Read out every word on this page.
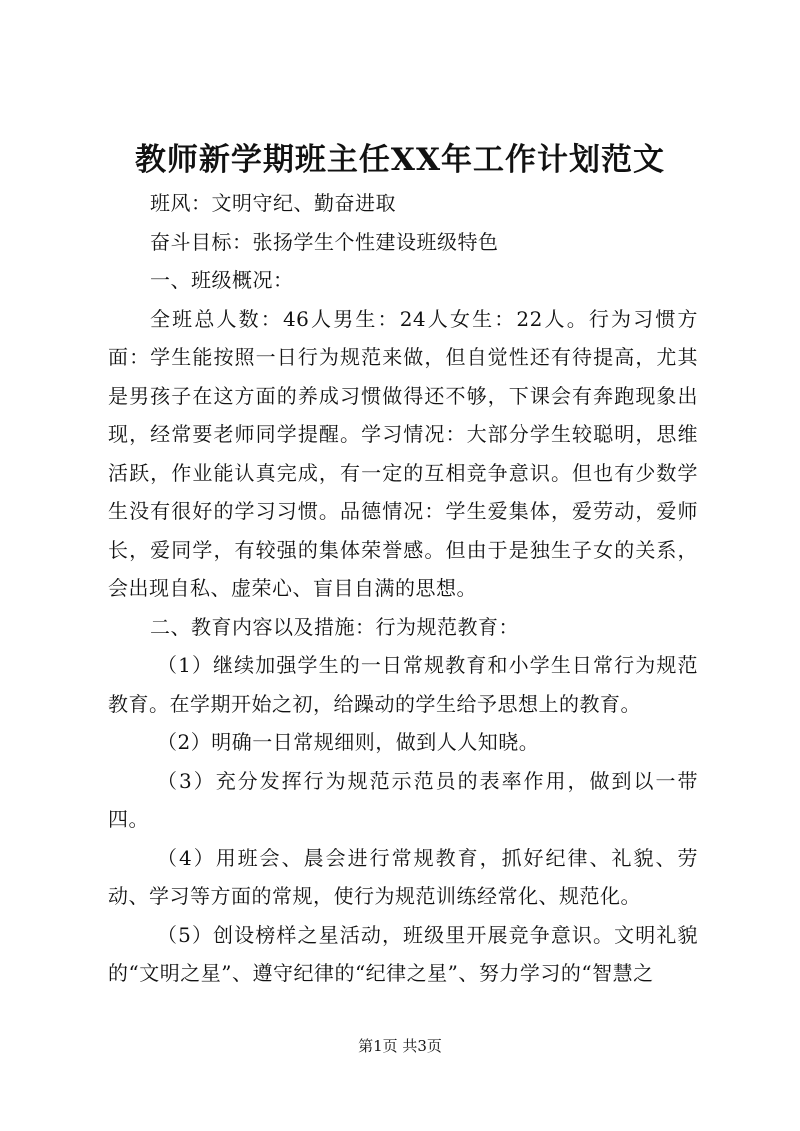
教师新学期班主任XX年工作计划范文

班风：文明守纪、勤奋进取

奋斗目标：张扬学生个性建设班级特色

一、班级概况：

全班总人数：46人男生：24人女生：22人。行为习惯方面：学生能按照一日行为规范来做，但自觉性还有待提高，尤其是男孩子在这方面的养成习惯做得还不够，下课会有奔跑现象出现，经常要老师同学提醒。学习情况：大部分学生较聪明，思维活跃，作业能认真完成，有一定的互相竞争意识。但也有少数学生没有很好的学习习惯。品德情况：学生爱集体，爱劳动，爱师长，爱同学，有较强的集体荣誉感。但由于是独生子女的关系，会出现自私、虚荣心、盲目自满的思想。

二、教育内容以及措施：行为规范教育：

（1）继续加强学生的一日常规教育和小学生日常行为规范教育。在学期开始之初，给躁动的学生给予思想上的教育。

（2）明确一日常规细则，做到人人知晓。

（3）充分发挥行为规范示范员的表率作用，做到以一带四。

（4）用班会、晨会进行常规教育，抓好纪律、礼貌、劳动、学习等方面的常规，使行为规范训练经常化、规范化。

（5）创设榜样之星活动，班级里开展竞争意识。文明礼貌的“文明之星”、遵守纪律的“纪律之星”、努力学习的“智慧之

第1页 共3页
